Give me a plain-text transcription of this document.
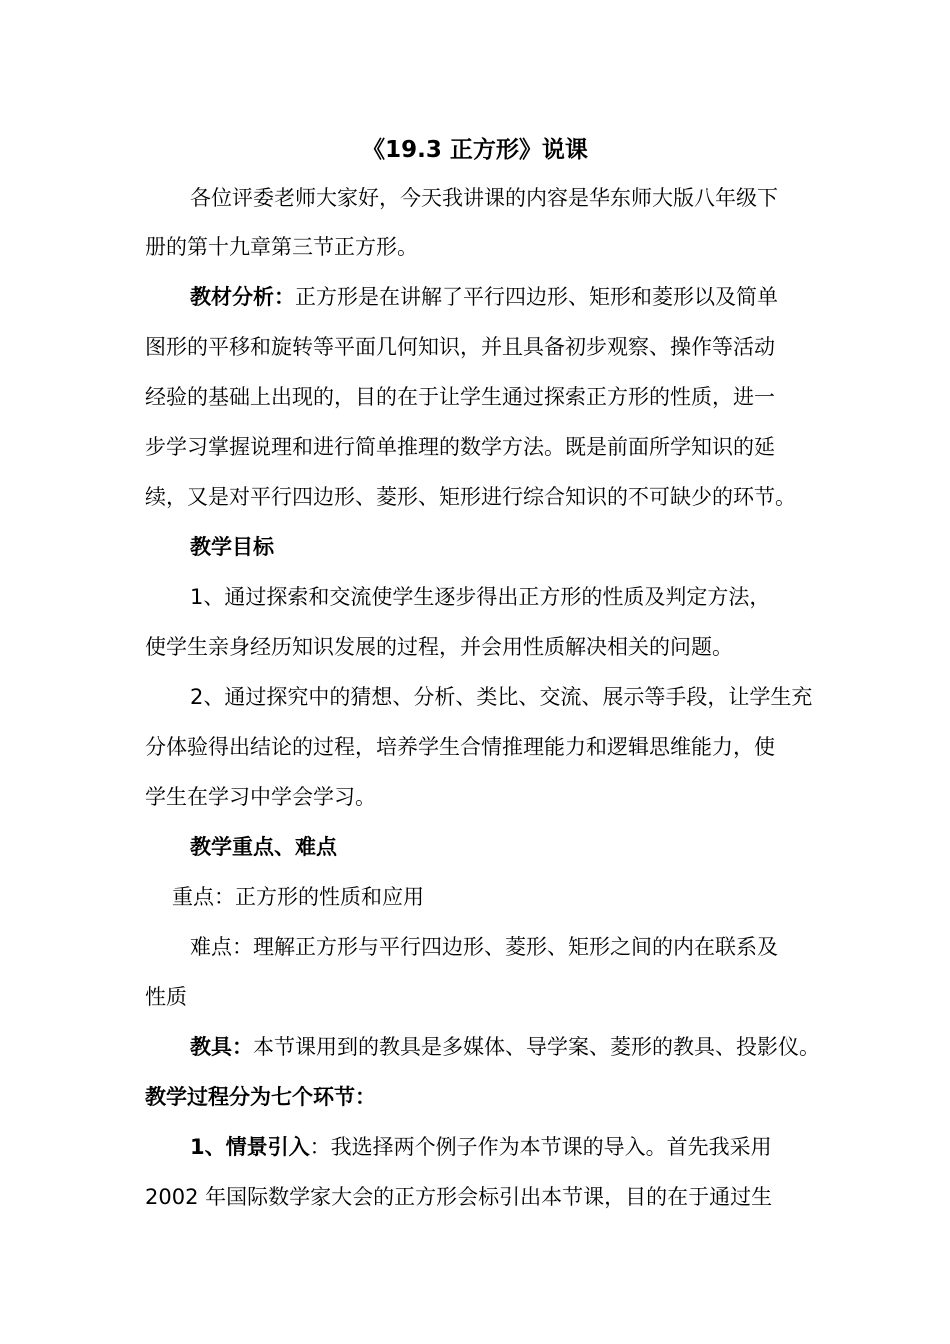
《19.3 正方形》说课
各位评委老师大家好，今天我讲课的内容是华东师大版八年级下
册的第十九章第三节正方形。
教材分析：正方形是在讲解了平行四边形、矩形和菱形以及简单
图形的平移和旋转等平面几何知识，并且具备初步观察、操作等活动
经验的基础上出现的，目的在于让学生通过探索正方形的性质，进一
步学习掌握说理和进行简单推理的数学方法。既是前面所学知识的延
续，又是对平行四边形、菱形、矩形进行综合知识的不可缺少的环节。
教学目标
1、通过探索和交流使学生逐步得出正方形的性质及判定方法，
使学生亲身经历知识发展的过程，并会用性质解决相关的问题。
2、通过探究中的猜想、分析、类比、交流、展示等手段，让学生充
分体验得出结论的过程，培养学生合情推理能力和逻辑思维能力，使
学生在学习中学会学习。
教学重点、难点
重点：正方形的性质和应用
难点：理解正方形与平行四边形、菱形、矩形之间的内在联系及
性质
教具：本节课用到的教具是多媒体、导学案、菱形的教具、投影仪。
教学过程分为七个环节：
1、情景引入：我选择两个例子作为本节课的导入。首先我采用
2002 年国际数学家大会的正方形会标引出本节课，目的在于通过生
